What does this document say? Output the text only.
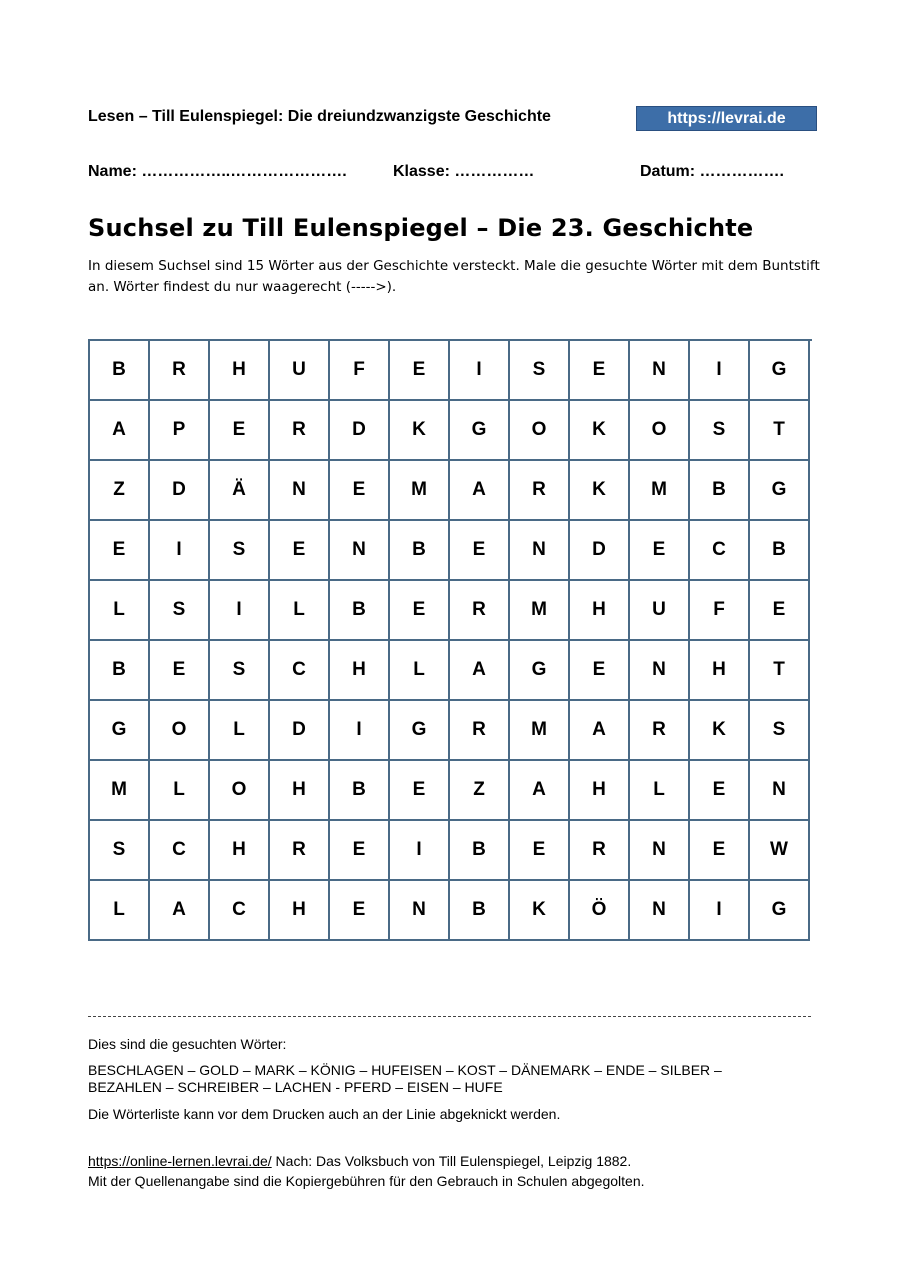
Lesen – Till Eulenspiegel: Die dreiundzwanzigste Geschichte	https://levrai.de
Name: ……………..………………….	Klasse: ……………	Datum: …………….
Suchsel zu Till Eulenspiegel – Die 23. Geschichte
In diesem Suchsel sind 15 Wörter aus der Geschichte versteckt. Male die gesuchte Wörter mit dem Buntstift an. Wörter findest du nur waagerecht (----->).
B	R	H	U	F	E	I	S	E	N	I	G
A	P	E	R	D	K	G	O	K	O	S	T
Z	D	Ä	N	E	M	A	R	K	M	B	G
E	I	S	E	N	B	E	N	D	E	C	B
L	S	I	L	B	E	R	M	H	U	F	E
B	E	S	C	H	L	A	G	E	N	H	T
G	O	L	D	I	G	R	M	A	R	K	S
M	L	O	H	B	E	Z	A	H	L	E	N
S	C	H	R	E	I	B	E	R	N	E	W
L	A	C	H	E	N	B	K	Ö	N	I	G
Dies sind die gesuchten Wörter:
BESCHLAGEN – GOLD – MARK – KÖNIG – HUFEISEN – KOST – DÄNEMARK – ENDE – SILBER –
BEZAHLEN – SCHREIBER – LACHEN - PFERD – EISEN – HUFE
Die Wörterliste kann vor dem Drucken auch an der Linie abgeknickt werden.
https://online-lernen.levrai.de/ Nach: Das Volksbuch von Till Eulenspiegel, Leipzig 1882.
Mit der Quellenangabe sind die Kopiergebühren für den Gebrauch in Schulen abgegolten.
